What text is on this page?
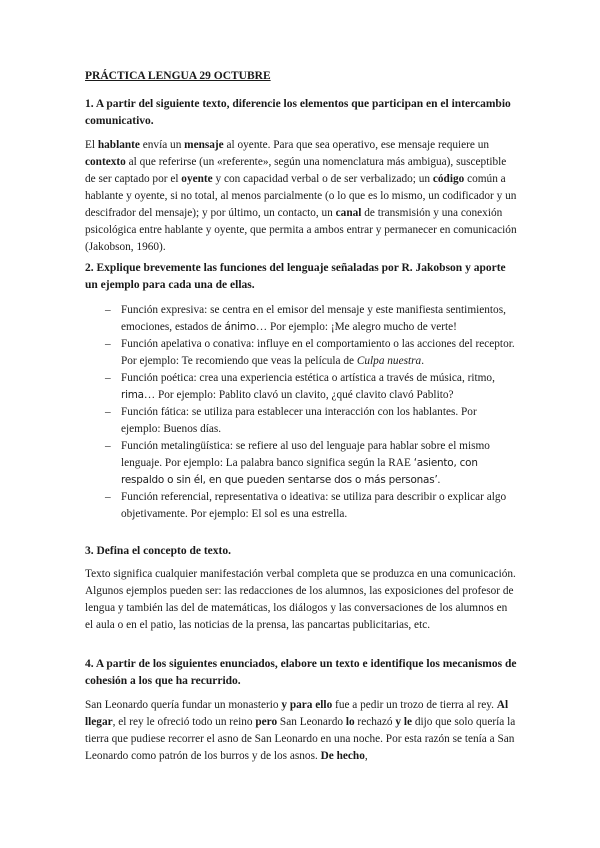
PRÁCTICA LENGUA 29 OCTUBRE
1. A partir del siguiente texto, diferencie los elementos que participan en el intercambio comunicativo.

El hablante envía un mensaje al oyente. Para que sea operativo, ese mensaje requiere un contexto al que referirse (un «referente», según una nomenclatura más ambigua), susceptible de ser captado por el oyente y con capacidad verbal o de ser verbalizado; un código común a hablante y oyente, si no total, al menos parcialmente (o lo que es lo mismo, un codificador y un descifrador del mensaje); y por último, un contacto, un canal de transmisión y una conexión psicológica entre hablante y oyente, que permita a ambos entrar y permanecer en comunicación (Jakobson, 1960).

2. Explique brevemente las funciones del lenguaje señaladas por R. Jakobson y aporte un ejemplo para cada una de ellas.

– Función expresiva: se centra en el emisor del mensaje y este manifiesta sentimientos, emociones, estados de ánimo… Por ejemplo: ¡Me alegro mucho de verte!

– Función apelativa o conativa: influye en el comportamiento o las acciones del receptor. Por ejemplo: Te recomiendo que veas la película de Culpa nuestra.

– Función poética: crea una experiencia estética o artística a través de música, ritmo, rima… Por ejemplo: Pablito clavó un clavito, ¿qué clavito clavó Pablito?

– Función fática: se utiliza para establecer una interacción con los hablantes. Por ejemplo: Buenos días.

– Función metalingüística: se refiere al uso del lenguaje para hablar sobre el mismo lenguaje. Por ejemplo: La palabra banco significa según la RAE ‘asiento, con respaldo o sin él, en que pueden sentarse dos o más personas’.

– Función referencial, representativa o ideativa: se utiliza para describir o explicar algo objetivamente. Por ejemplo: El sol es una estrella.

3. Defina el concepto de texto.

Texto significa cualquier manifestación verbal completa que se produzca en una comunicación. Algunos ejemplos pueden ser: las redacciones de los alumnos, las exposiciones del profesor de lengua y también las del de matemáticas, los diálogos y las conversaciones de los alumnos en el aula o en el patio, las noticias de la prensa, las pancartas publicitarias, etc.

4. A partir de los siguientes enunciados, elabore un texto e identifique los mecanismos de cohesión a los que ha recurrido.

San Leonardo quería fundar un monasterio y para ello fue a pedir un trozo de tierra al rey. Al llegar, el rey le ofreció todo un reino pero San Leonardo lo rechazó y le dijo que solo quería la tierra que pudiese recorrer el asno de San Leonardo en una noche. Por esta razón se tenía a San Leonardo como patrón de los burros y de los asnos. De hecho,
